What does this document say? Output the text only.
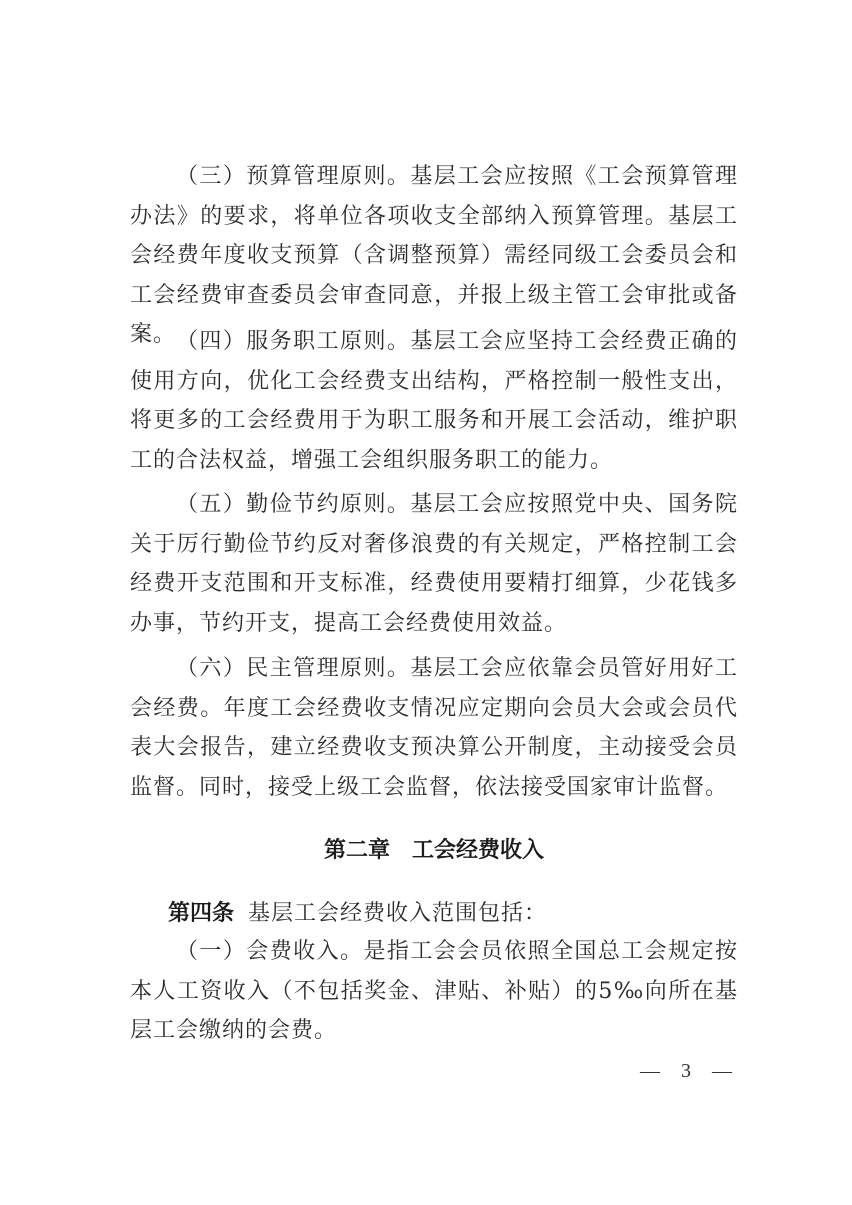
（三）预算管理原则。基层工会应按照《工会预算管理办法》的要求，将单位各项收支全部纳入预算管理。基层工会经费年度收支预算（含调整预算）需经同级工会委员会和工会经费审查委员会审查同意，并报上级主管工会审批或备案。 （四）服务职工原则。基层工会应坚持工会经费正确的使用方向，优化工会经费支出结构，严格控制一般性支出，将更多的工会经费用于为职工服务和开展工会活动，维护职工的合法权益，增强工会组织服务职工的能力。

（五）勤俭节约原则。基层工会应按照党中央、国务院关于厉行勤俭节约反对奢侈浪费的有关规定，严格控制工会经费开支范围和开支标准，经费使用要精打细算，少花钱多办事，节约开支，提高工会经费使用效益。

（六）民主管理原则。基层工会应依靠会员管好用好工会经费。年度工会经费收支情况应定期向会员大会或会员代表大会报告，建立经费收支预决算公开制度，主动接受会员监督。同时，接受上级工会监督，依法接受国家审计监督。

第二章　工会经费收入

第四条 基层工会经费收入范围包括：

（一）会费收入。是指工会会员依照全国总工会规定按本人工资收入（不包括奖金、津贴、补贴）的5‰向所在基层工会缴纳的会费。

— 3 —
